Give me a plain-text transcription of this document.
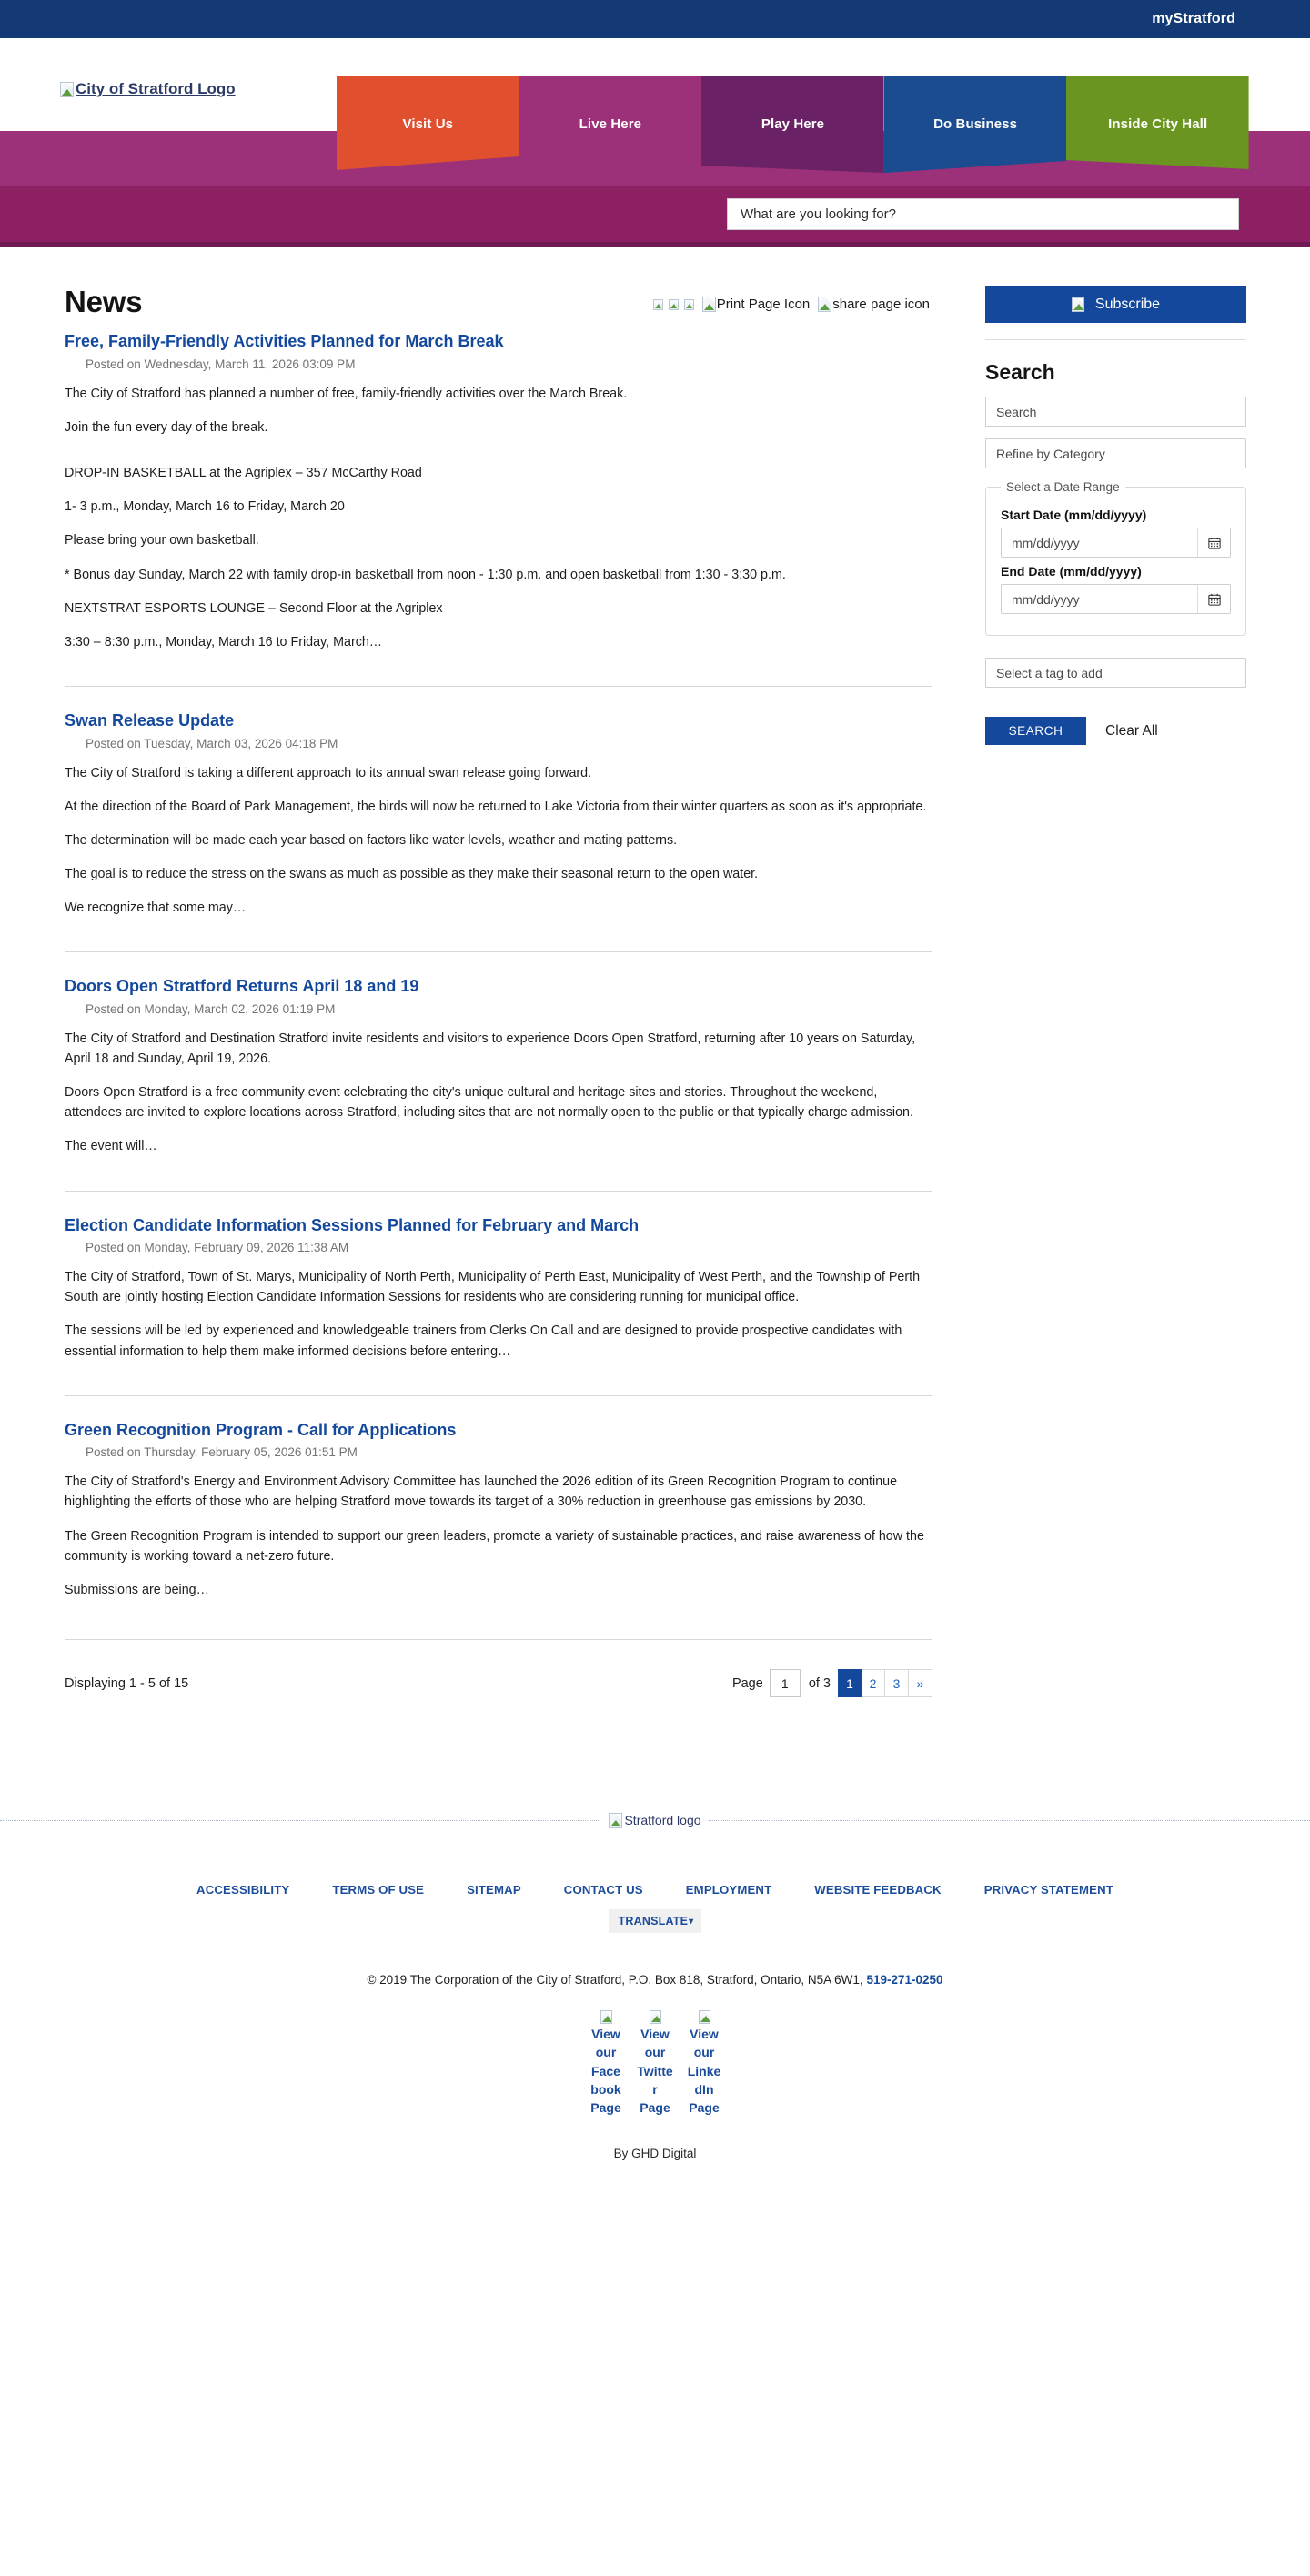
myStratford
City of Stratford Logo
Visit Us	Live Here	Play Here	Do Business	Inside City Hall
What are you looking for?
News	Print Page Icon share page icon
Free, Family-Friendly Activities Planned for March Break
Posted on Wednesday, March 11, 2026 03:09 PM

The City of Stratford has planned a number of free, family-friendly activities over the March Break.

Join the fun every day of the break.

DROP-IN BASKETBALL at the Agriplex – 357 McCarthy Road

1- 3 p.m., Monday, March 16 to Friday, March 20

Please bring your own basketball.

* Bonus day Sunday, March 22 with family drop-in basketball from noon - 1:30 p.m. and open basketball from 1:30 - 3:30 p.m.

NEXTSTRAT ESPORTS LOUNGE – Second Floor at the Agriplex

3:30 – 8:30 p.m., Monday, March 16 to Friday, March…

Swan Release Update
Posted on Tuesday, March 03, 2026 04:18 PM

The City of Stratford is taking a different approach to its annual swan release going forward.

At the direction of the Board of Park Management, the birds will now be returned to Lake Victoria from their winter quarters as soon as it's appropriate.

The determination will be made each year based on factors like water levels, weather and mating patterns.

The goal is to reduce the stress on the swans as much as possible as they make their seasonal return to the open water.

We recognize that some may…

Doors Open Stratford Returns April 18 and 19
Posted on Monday, March 02, 2026 01:19 PM

The City of Stratford and Destination Stratford invite residents and visitors to experience Doors Open Stratford, returning after 10 years on Saturday, April 18 and Sunday, April 19, 2026.

Doors Open Stratford is a free community event celebrating the city's unique cultural and heritage sites and stories. Throughout the weekend, attendees are invited to explore locations across Stratford, including sites that are not normally open to the public or that typically charge admission.

The event will…

Election Candidate Information Sessions Planned for February and March
Posted on Monday, February 09, 2026 11:38 AM

The City of Stratford, Town of St. Marys, Municipality of North Perth, Municipality of Perth East, Municipality of West Perth, and the Township of Perth South are jointly hosting Election Candidate Information Sessions for residents who are considering running for municipal office.

The sessions will be led by experienced and knowledgeable trainers from Clerks On Call and are designed to provide prospective candidates with essential information to help them make informed decisions before entering…

Green Recognition Program - Call for Applications
Posted on Thursday, February 05, 2026 01:51 PM

The City of Stratford's Energy and Environment Advisory Committee has launched the 2026 edition of its Green Recognition Program to continue highlighting the efforts of those who are helping Stratford move towards its target of a 30% reduction in greenhouse gas emissions by 2030.

The Green Recognition Program is intended to support our green leaders, promote a variety of sustainable practices, and raise awareness of how the community is working toward a net-zero future.

Submissions are being…

Displaying 1 - 5 of 15	Page
1	of 3	1	2	3	»
Subscribe
Search
Search
Refine by Category
Select a Date Range
Start Date (mm/dd/yyyy)
mm/dd/yyyy
End Date (mm/dd/yyyy)
mm/dd/yyyy
Select a tag to add
SEARCH	Clear All
Stratford logo
ACCESSIBILITY	TERMS OF USE	SITEMAP	CONTACT US	EMPLOYMENT	WEBSITE FEEDBACK	PRIVACY STATEMENT
TRANSLATE ▾
© 2019 The Corporation of the City of Stratford, P.O. Box 818, Stratford, Ontario, N5A 6W1, 519-271-0250
View our Facebook Page
View our Twitter Page
View our LinkedIn Page
By GHD Digital
